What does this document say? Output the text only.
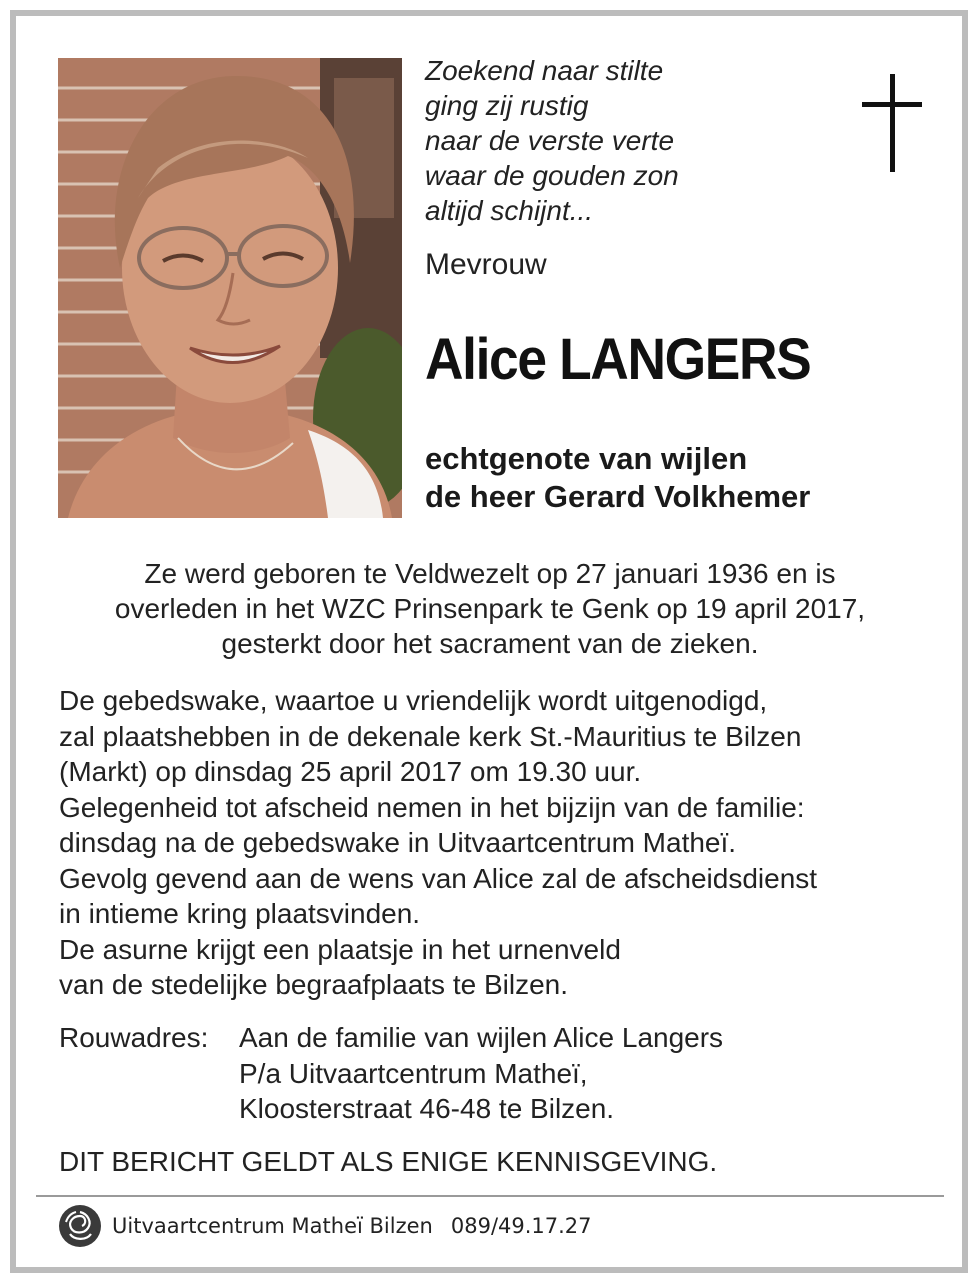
Zoekend naar stilte
ging zij rustig
naar de verste verte
waar de gouden zon
altijd schijnt...
Mevrouw
Alice LANGERS
echtgenote van wijlen
de heer Gerard Volkhemer
Ze werd geboren te Veldwezelt op 27 januari 1936 en is
overleden in het WZC Prinsenpark te Genk op 19 april 2017,
gesterkt door het sacrament van de zieken.
De gebedswake, waartoe u vriendelijk wordt uitgenodigd,
zal plaatshebben in de dekenale kerk St.-Mauritius te Bilzen
(Markt) op dinsdag 25 april 2017 om 19.30 uur.
Gelegenheid tot afscheid nemen in het bijzijn van de familie:
dinsdag na de gebedswake in Uitvaartcentrum Matheï.
Gevolg gevend aan de wens van Alice zal de afscheidsdienst
in intieme kring plaatsvinden.
De asurne krijgt een plaatsje in het urnenveld
van de stedelijke begraafplaats te Bilzen.
Rouwadres:	Aan de familie van wijlen Alice Langers
P/a Uitvaartcentrum Matheï,
Kloosterstraat 46-48 te Bilzen.
DIT BERICHT GELDT ALS ENIGE KENNISGEVING.
Uitvaartcentrum Matheï Bilzen 089/49.17.27
